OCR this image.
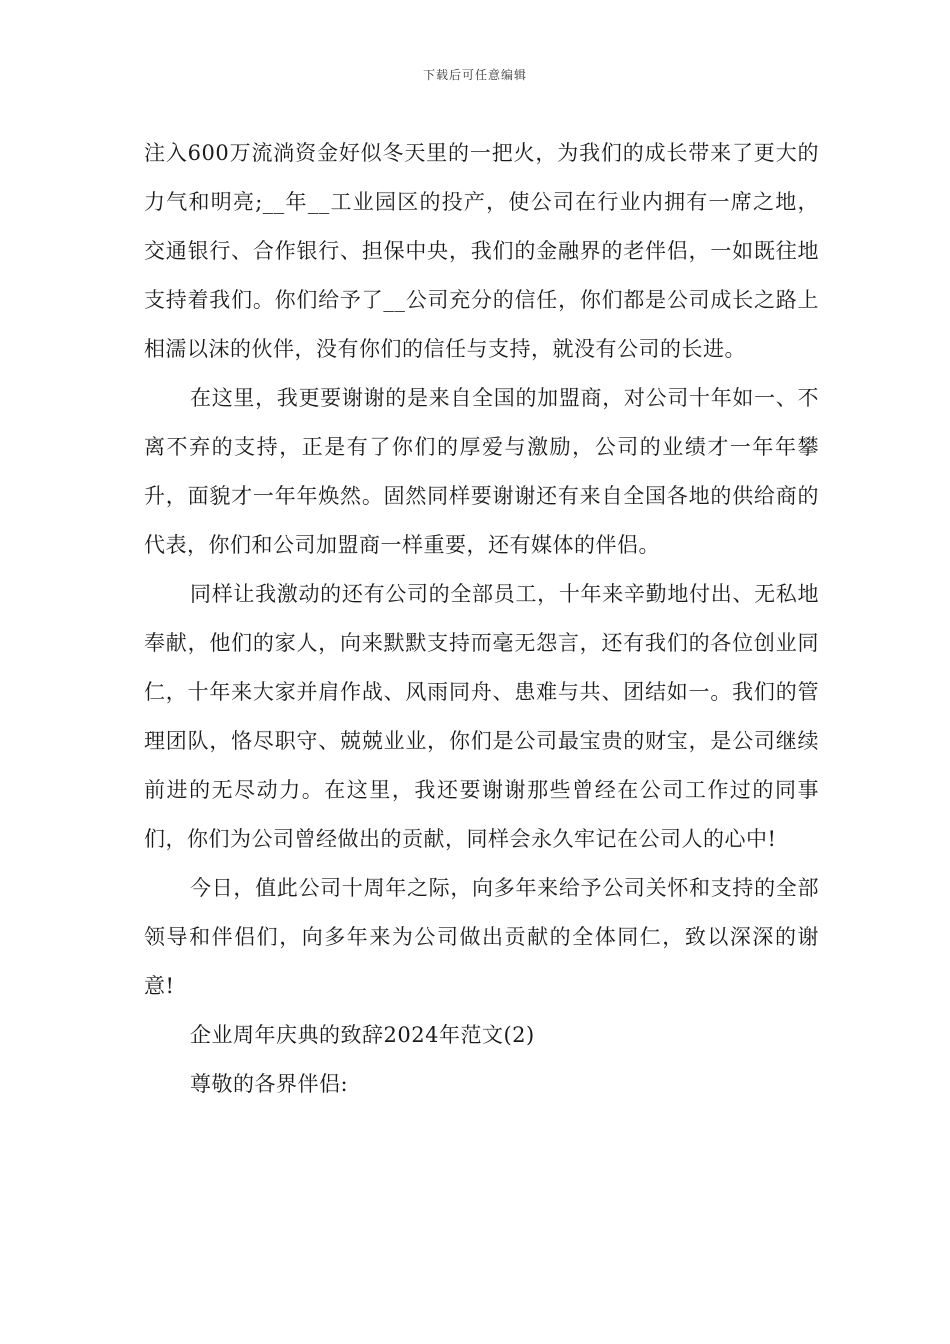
下载后可任意编辑

注入600万流淌资金好似冬天里的一把火，为我们的成长带来了更大的力气和明亮;__年__工业园区的投产，使公司在行业内拥有一席之地，交通银行、合作银行、担保中央，我们的金融界的老伴侣，一如既往地支持着我们。你们给予了__公司充分的信任，你们都是公司成长之路上相濡以沫的伙伴，没有你们的信任与支持，就没有公司的长进。

在这里，我更要谢谢的是来自全国的加盟商，对公司十年如一、不离不弃的支持，正是有了你们的厚爱与激励，公司的业绩才一年年攀升，面貌才一年年焕然。固然同样要谢谢还有来自全国各地的供给商的代表，你们和公司加盟商一样重要，还有媒体的伴侣。

同样让我激动的还有公司的全部员工，十年来辛勤地付出、无私地奉献，他们的家人，向来默默支持而毫无怨言，还有我们的各位创业同仁，十年来大家并肩作战、风雨同舟、患难与共、团结如一。我们的管理团队，恪尽职守、兢兢业业，你们是公司最宝贵的财宝，是公司继续前进的无尽动力。在这里，我还要谢谢那些曾经在公司工作过的同事们，你们为公司曾经做出的贡献，同样会永久牢记在公司人的心中!

今日，值此公司十周年之际，向多年来给予公司关怀和支持的全部领导和伴侣们，向多年来为公司做出贡献的全体同仁，致以深深的谢意!

企业周年庆典的致辞2024年范文(2)

尊敬的各界伴侣:
